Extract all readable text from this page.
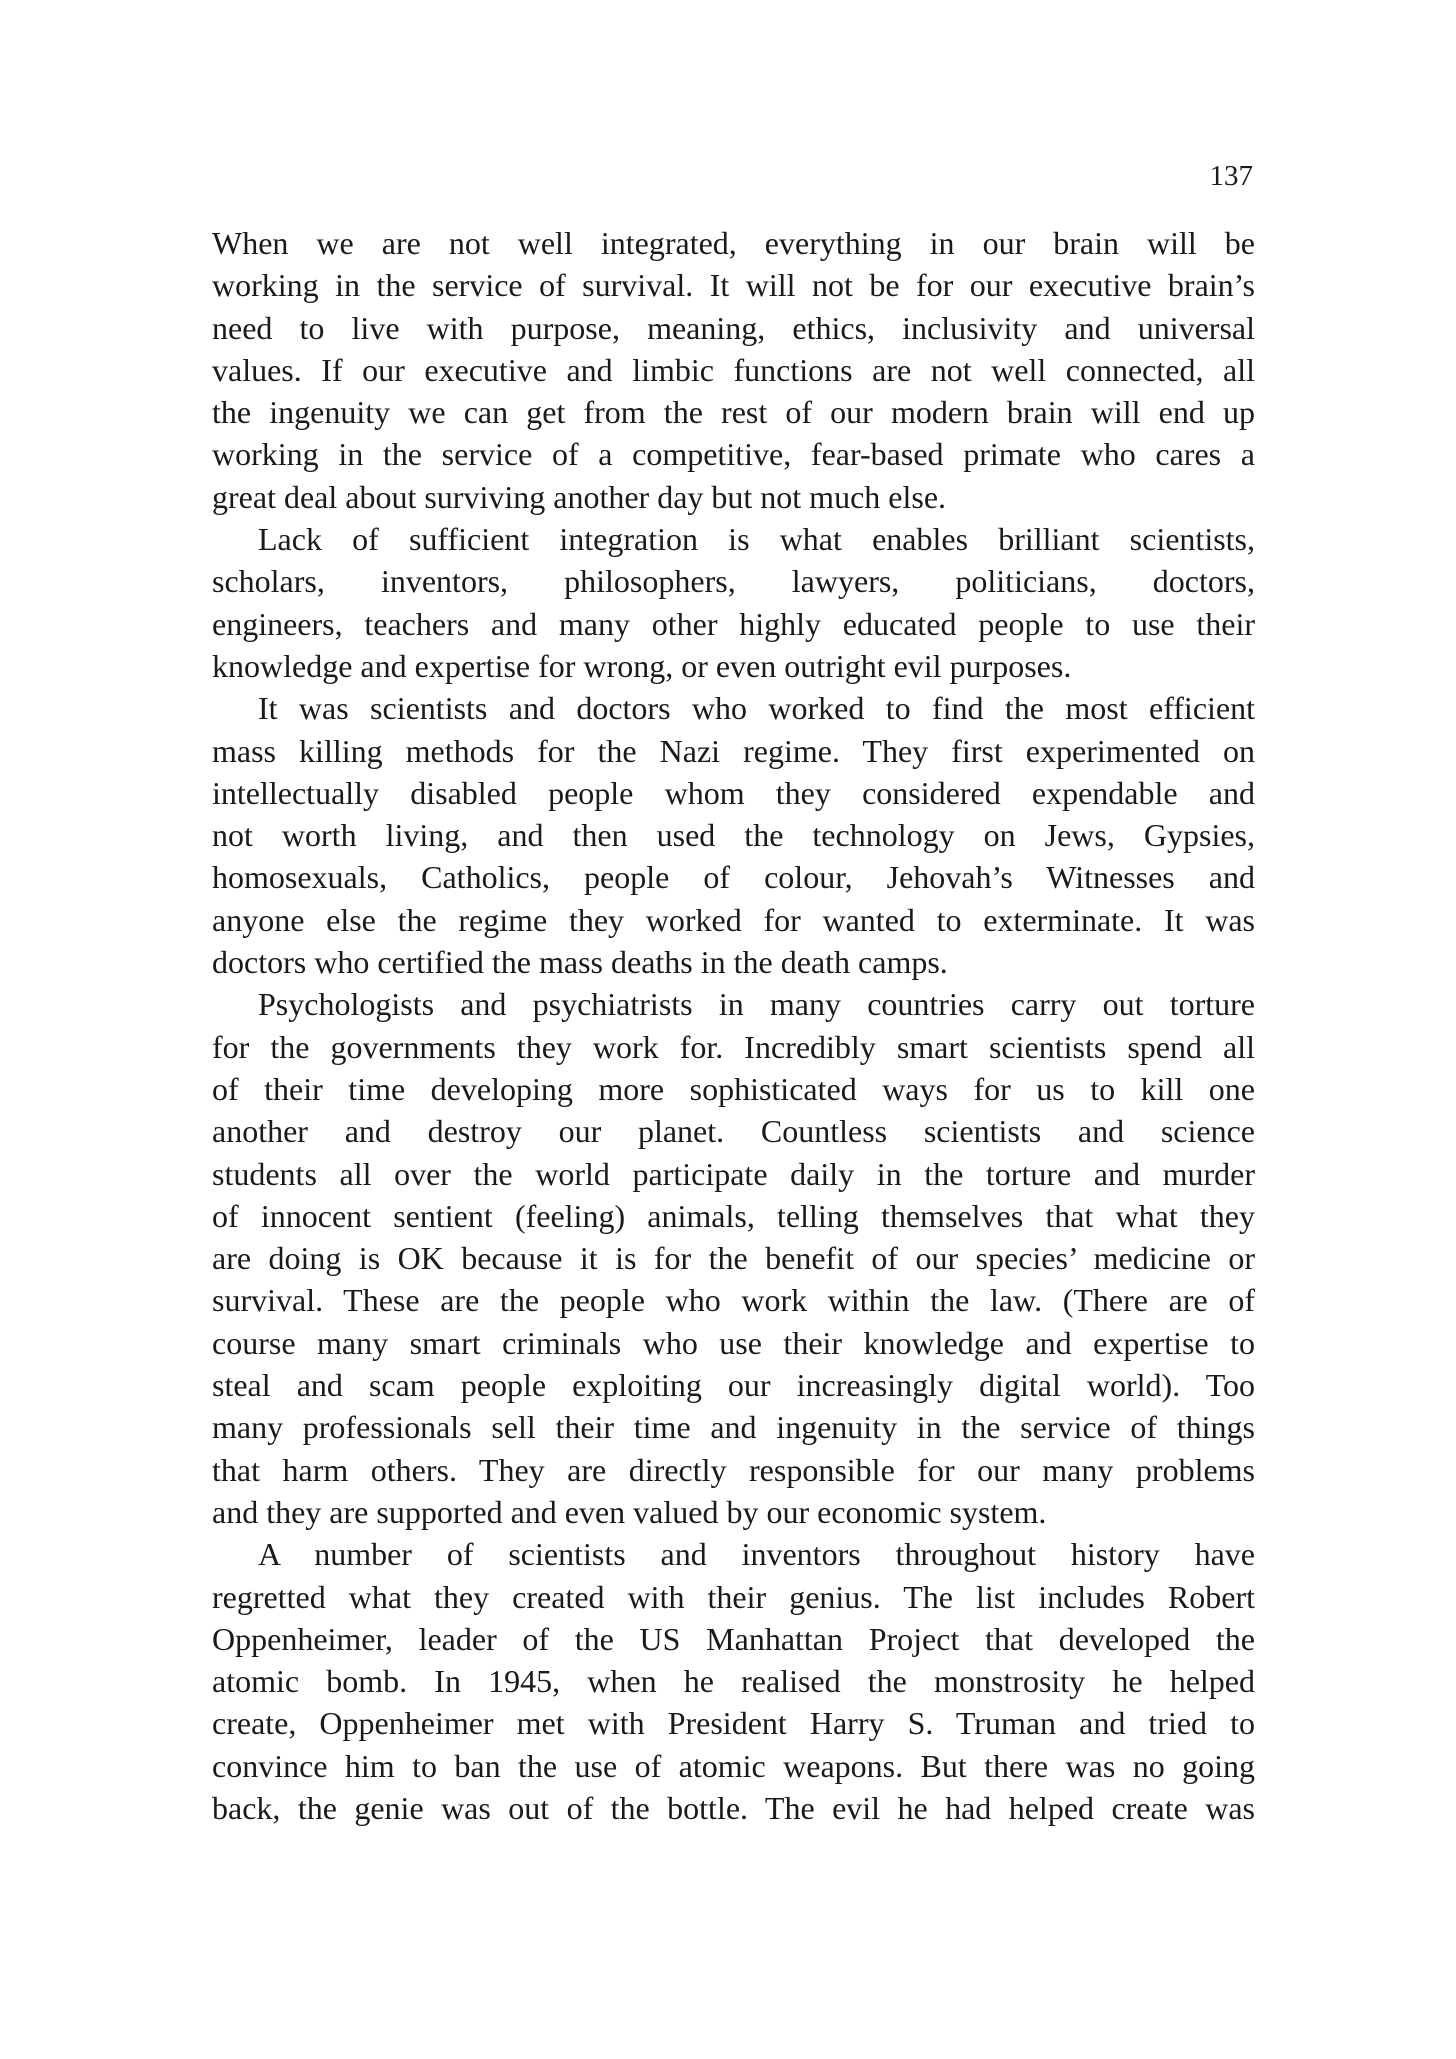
137
When we are not well integrated, everything in our brain will be
working in the service of survival. It will not be for our executive brain’s
need to live with purpose, meaning, ethics, inclusivity and universal
values. If our executive and limbic functions are not well connected, all
the ingenuity we can get from the rest of our modern brain will end up
working in the service of a competitive, fear-based primate who cares a
great deal about surviving another day but not much else.
Lack of sufficient integration is what enables brilliant scientists,
scholars, inventors, philosophers, lawyers, politicians, doctors,
engineers, teachers and many other highly educated people to use their
knowledge and expertise for wrong, or even outright evil purposes.
It was scientists and doctors who worked to find the most efficient
mass killing methods for the Nazi regime. They first experimented on
intellectually disabled people whom they considered expendable and
not worth living, and then used the technology on Jews, Gypsies,
homosexuals, Catholics, people of colour, Jehovah’s Witnesses and
anyone else the regime they worked for wanted to exterminate. It was
doctors who certified the mass deaths in the death camps.
Psychologists and psychiatrists in many countries carry out torture
for the governments they work for. Incredibly smart scientists spend all
of their time developing more sophisticated ways for us to kill one
another and destroy our planet. Countless scientists and science
students all over the world participate daily in the torture and murder
of innocent sentient (feeling) animals, telling themselves that what they
are doing is OK because it is for the benefit of our species’ medicine or
survival. These are the people who work within the law. (There are of
course many smart criminals who use their knowledge and expertise to
steal and scam people exploiting our increasingly digital world). Too
many professionals sell their time and ingenuity in the service of things
that harm others. They are directly responsible for our many problems
and they are supported and even valued by our economic system.
A number of scientists and inventors throughout history have
regretted what they created with their genius. The list includes Robert
Oppenheimer, leader of the US Manhattan Project that developed the
atomic bomb. In 1945, when he realised the monstrosity he helped
create, Oppenheimer met with President Harry S. Truman and tried to
convince him to ban the use of atomic weapons. But there was no going
back, the genie was out of the bottle. The evil he had helped create was
